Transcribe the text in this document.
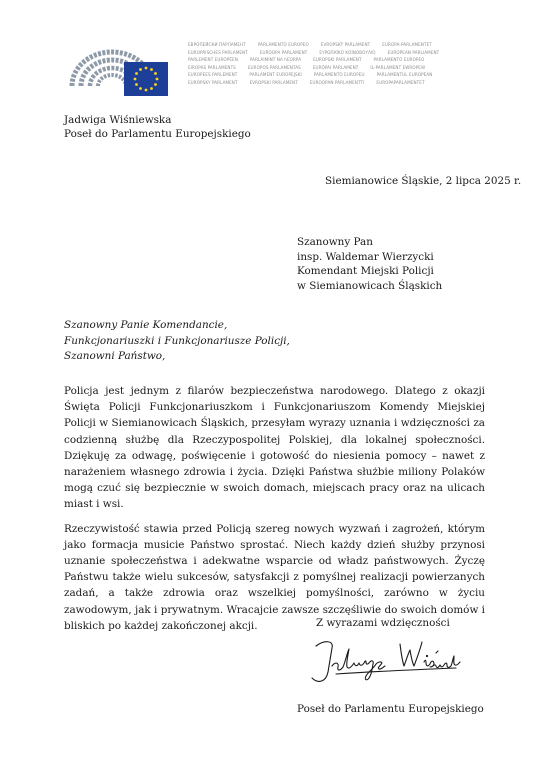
ЕВРОПЕЙСКИ ПАРЛАМЕНТ	PARLAMENTO EUROPEO	EVROPSKÝ PARLAMENT	EUROPA-PARLAMENTET
EUROPÄISCHES PARLAMENT	EUROOPA PARLAMENT	ΕΥΡΩΠΑΪΚΟ ΚΟΙΝΟΒΟΥΛΙΟ	EUROPEAN PARLIAMENT
PARLEMENT EUROPÉEN	PARLAIMINT NA hEORPA	EUROPSKI PARLAMENT	PARLAMENTO EUROPEO
EIROPAS PARLAMENTS	EUROPOS PARLAMENTAS	EURÓPAI PARLAMENT	IL-PARLAMENT EWROPEW
EUROPEES PARLEMENT	PARLAMENT EUROPEJSKI	PARLAMENTO EUROPEU	PARLAMENTUL EUROPEAN
EURÓPSKY PARLAMENT	EVROPSKI PARLAMENT	EUROOPAN PARLAMENTTI	EUROPAPARLAMENTET
Jadwiga Wiśniewska
Poseł do Parlamentu Europejskiego
Siemianowice Śląskie, 2 lipca 2025 r.
Szanowny Pan
insp. Waldemar Wierzycki
Komendant Miejski Policji
w Siemianowicach Śląskich
Szanowny Panie Komendancie,
Funkcjonariuszki i Funkcjonariusze Policji,
Szanowni Państwo,

Policja jest jednym z filarów bezpieczeństwa narodowego. Dlatego z okazji Święta Policji Funkcjonariuszkom i Funkcjonariuszom Komendy Miejskiej Policji w Siemianowicach Śląskich, przesyłam wyrazy uznania i wdzięczności za codzienną służbę dla Rzeczypospolitej Polskiej, dla lokalnej społeczności. Dziękuję za odwagę, poświęcenie i gotowość do niesienia pomocy – nawet z narażeniem własnego zdrowia i życia. Dzięki Państwa służbie miliony Polaków mogą czuć się bezpiecznie w swoich domach, miejscach pracy oraz na ulicach miast i wsi.

Rzeczywistość stawia przed Policją szereg nowych wyzwań i zagrożeń, którym jako formacja musicie Państwo sprostać. Niech każdy dzień służby przynosi uznanie społeczeństwa i adekwatne wsparcie od władz państwowych. Życzę Państwu także wielu sukcesów, satysfakcji z pomyślnej realizacji powierzanych zadań, a także zdrowia oraz wszelkiej pomyślności, zarówno w życiu zawodowym, jak i prywatnym. Wracajcie zawsze szczęśliwie do swoich domów i bliskich po każdej zakończonej akcji.	Z wyrazami wdzięczności
Poseł do Parlamentu Europejskiego
